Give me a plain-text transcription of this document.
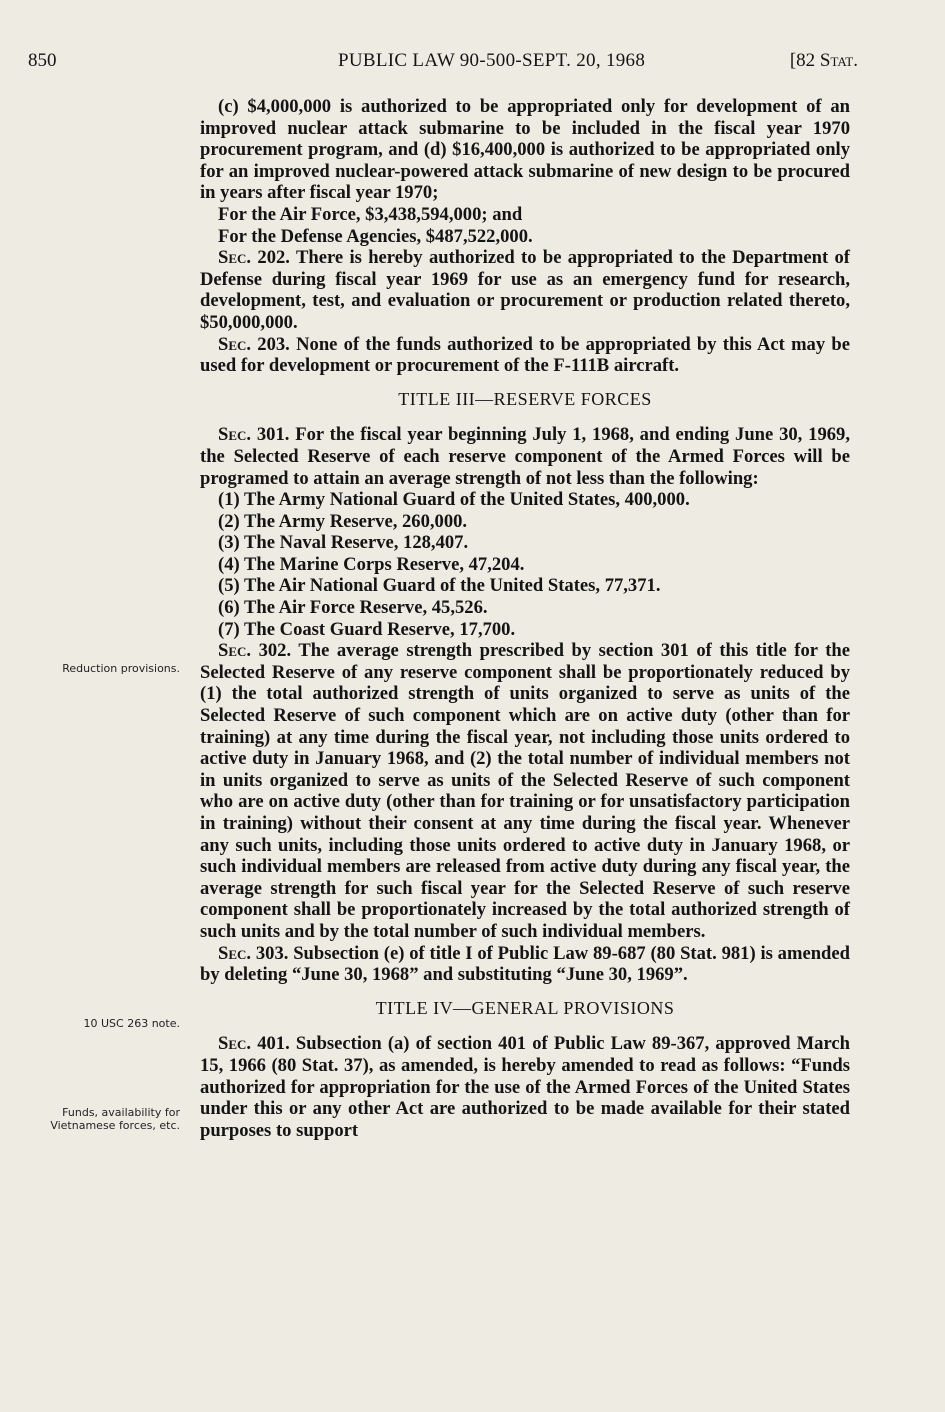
850	PUBLIC LAW 90-500-SEPT. 20, 1968	[82 Stat.
Reduction provisions.
10 USC 263 note.
Funds, availability for Vietnamese forces, etc.

(c) $4,000,000 is authorized to be appropriated only for development of an improved nuclear attack submarine to be included in the fiscal year 1970 procurement program, and (d) $16,400,000 is authorized to be appropriated only for an improved nuclear-powered attack submarine of new design to be procured in years after fiscal year 1970;

For the Air Force, $3,438,594,000; and

For the Defense Agencies, $487,522,000.

Sec. 202. There is hereby authorized to be appropriated to the Department of Defense during fiscal year 1969 for use as an emergency fund for research, development, test, and evaluation or procurement or production related thereto, $50,000,000.

Sec. 203. None of the funds authorized to be appropriated by this Act may be used for development or procurement of the F-111B aircraft.

TITLE III—RESERVE FORCES

Sec. 301. For the fiscal year beginning July 1, 1968, and ending June 30, 1969, the Selected Reserve of each reserve component of the Armed Forces will be programed to attain an average strength of not less than the following:

(1) The Army National Guard of the United States, 400,000.

(2) The Army Reserve, 260,000.

(3) The Naval Reserve, 128,407.

(4) The Marine Corps Reserve, 47,204.

(5) The Air National Guard of the United States, 77,371.

(6) The Air Force Reserve, 45,526.

(7) The Coast Guard Reserve, 17,700.

Sec. 302. The average strength prescribed by section 301 of this title for the Selected Reserve of any reserve component shall be proportionately reduced by (1) the total authorized strength of units organized to serve as units of the Selected Reserve of such component which are on active duty (other than for training) at any time during the fiscal year, not including those units ordered to active duty in January 1968, and (2) the total number of individual members not in units organized to serve as units of the Selected Reserve of such component who are on active duty (other than for training or for unsatisfactory participation in training) without their consent at any time during the fiscal year. Whenever any such units, including those units ordered to active duty in January 1968, or such individual members are released from active duty during any fiscal year, the average strength for such fiscal year for the Selected Reserve of such reserve component shall be proportionately increased by the total authorized strength of such units and by the total number of such individual members.

Sec. 303. Subsection (e) of title I of Public Law 89-687 (80 Stat. 981) is amended by deleting “June 30, 1968” and substituting “June 30, 1969”.

TITLE IV—GENERAL PROVISIONS

Sec. 401. Subsection (a) of section 401 of Public Law 89-367, approved March 15, 1966 (80 Stat. 37), as amended, is hereby amended to read as follows: “Funds authorized for appropriation for the use of the Armed Forces of the United States under this or any other Act are authorized to be made available for their stated purposes to support
